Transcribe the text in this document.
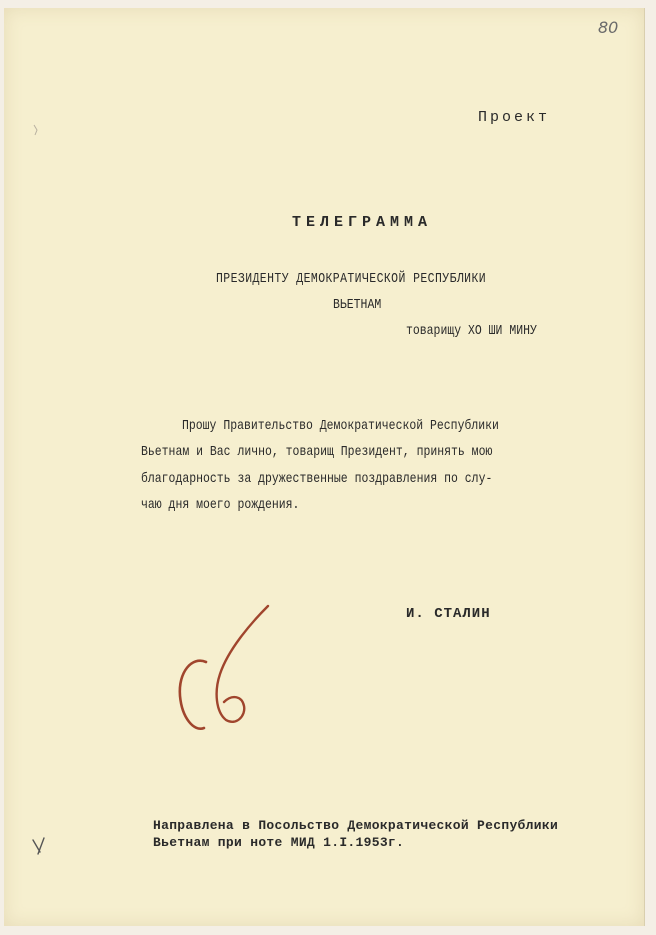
80
Проект
ТЕЛЕГРАММА
ПРЕЗИДЕНТУ ДЕМОКРАТИЧЕСКОЙ РЕСПУБЛИКИ
ВЬЕТНАМ
товарищу ХО ШИ МИНУ
Прошу Правительство Демократической Республики
Вьетнам и Вас лично, товарищ Президент, принять мою
благодарность за дружественные поздравления по слу-
чаю дня моего рождения.
И. СТАЛИН
Направлена в Посольство Демократической Республики
Вьетнам при ноте МИД 1.I.1953г.
